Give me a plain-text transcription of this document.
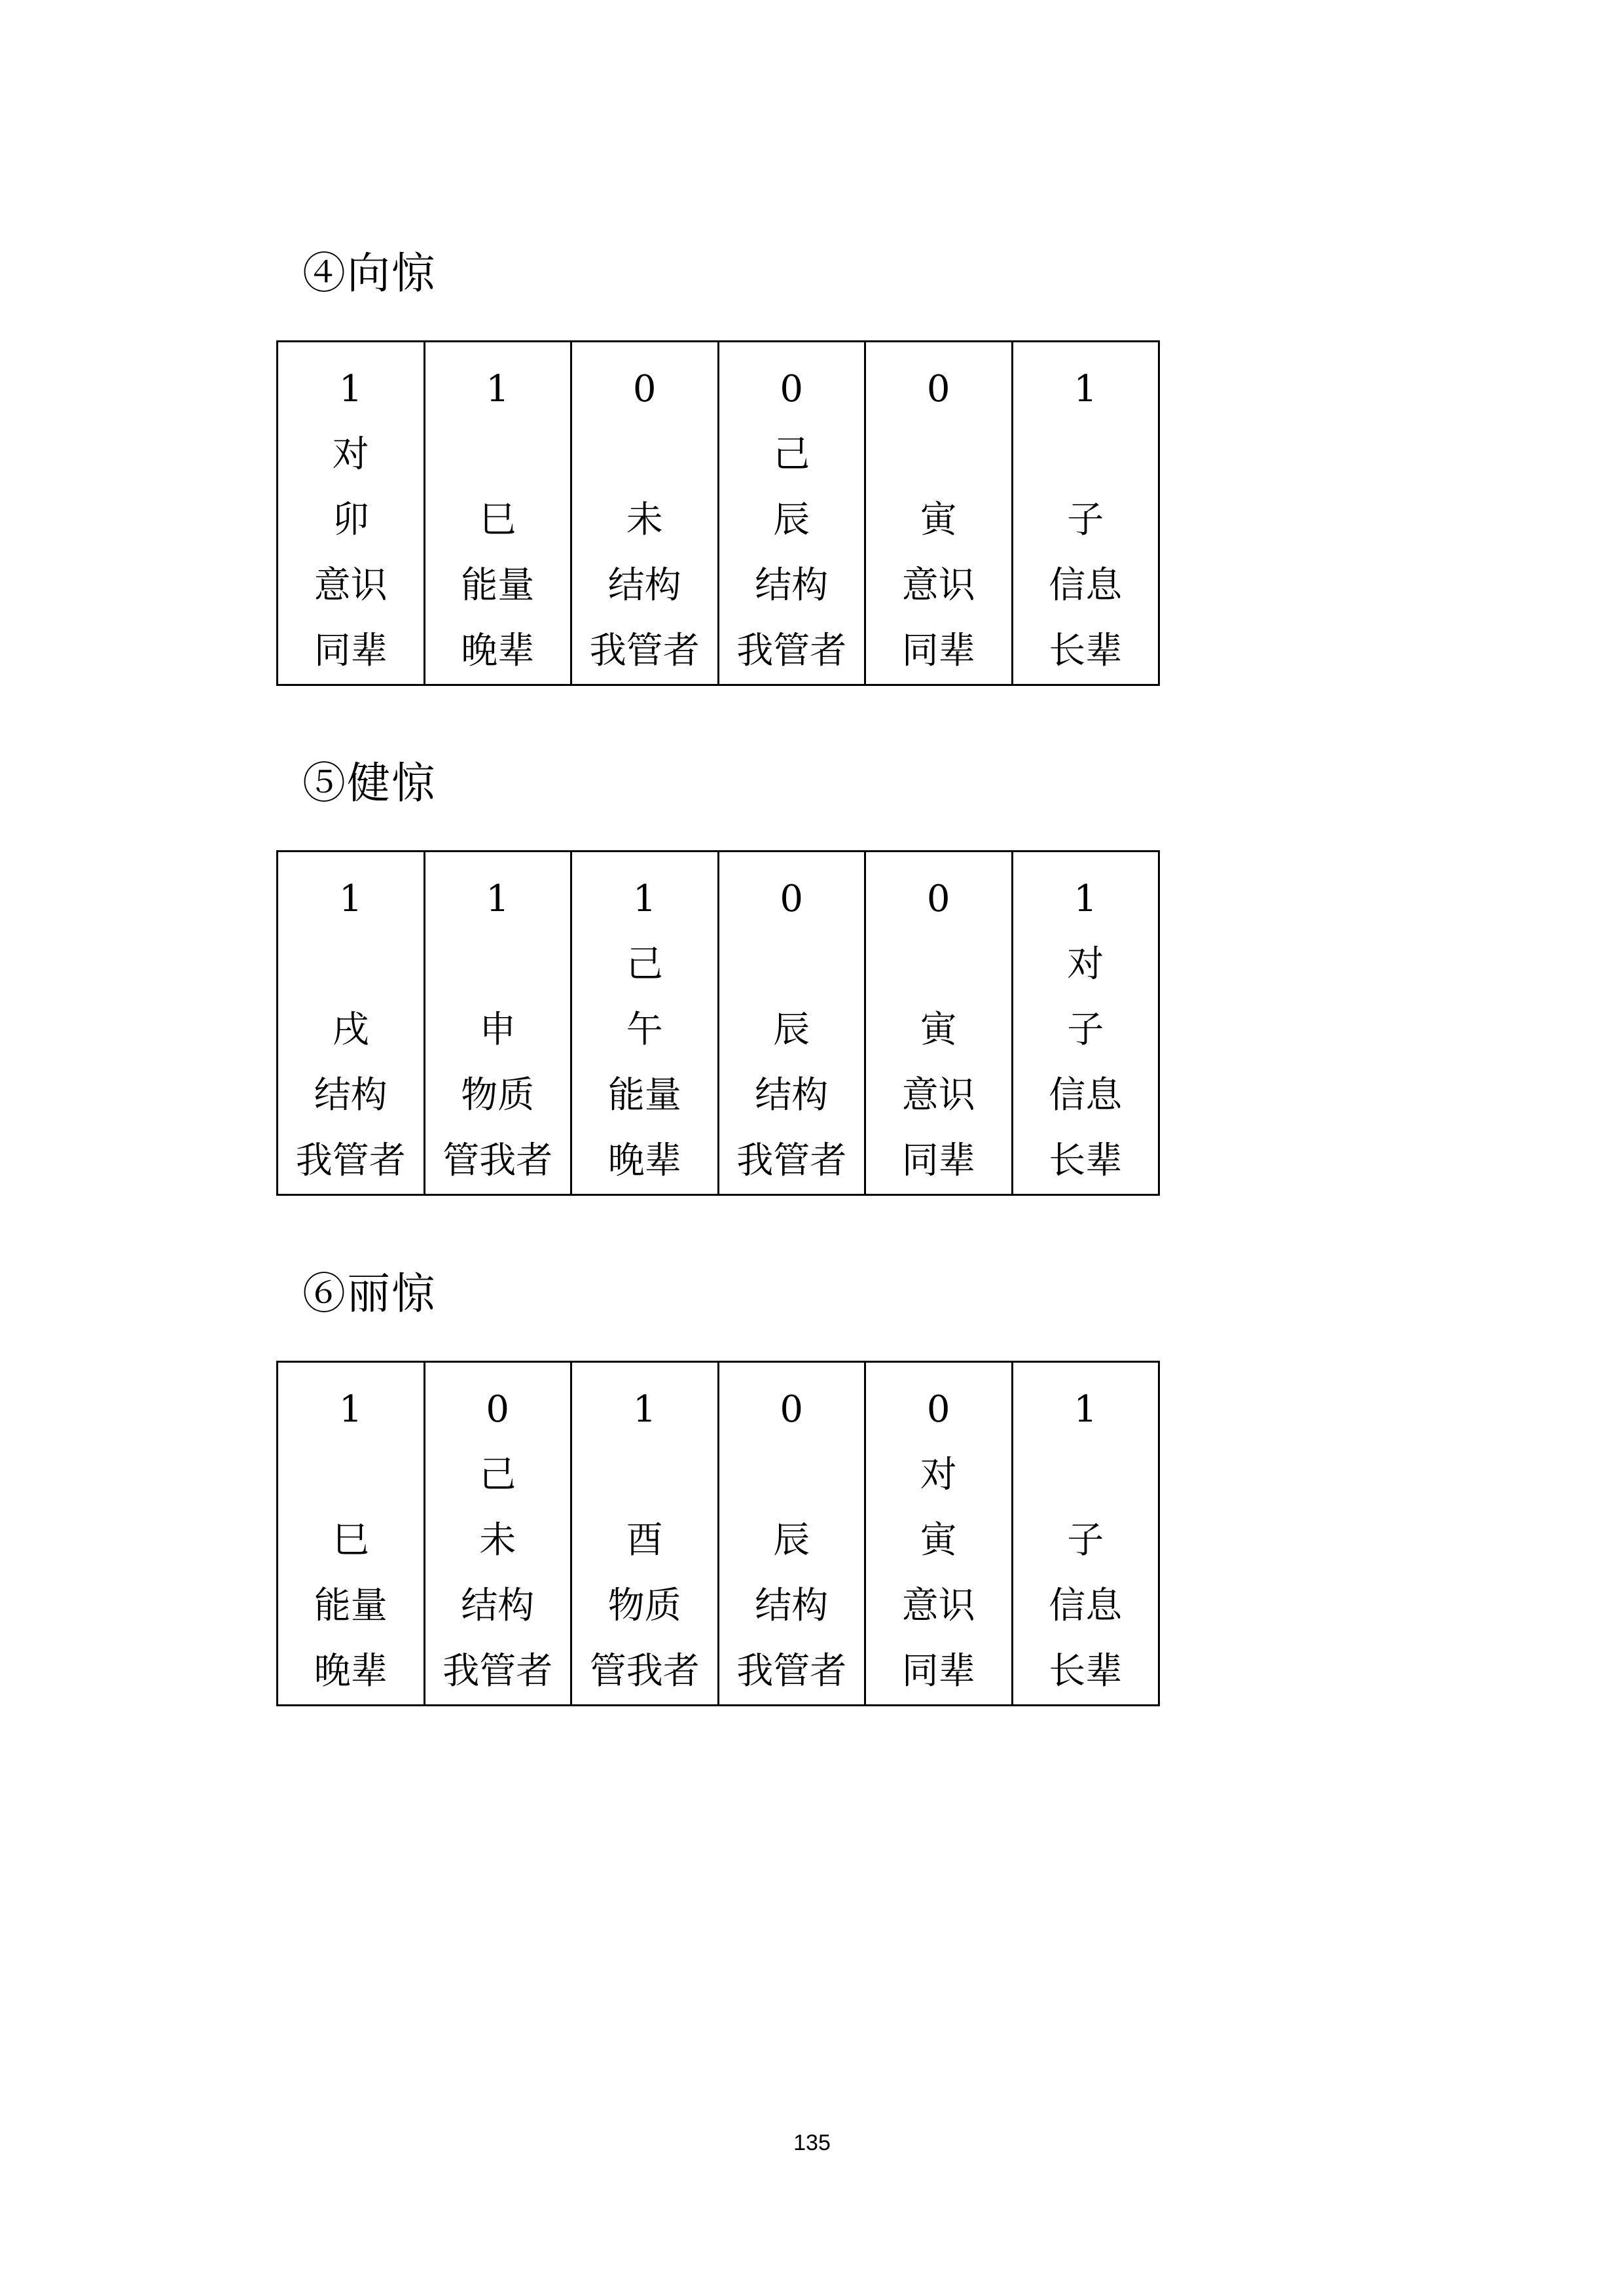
④向惊
1
对
卯
意识
同辈

1
巳
能量
晚辈

0
未
结构
我管者

0
己
辰
结构
我管者

0
寅
意识
同辈

1
子
信息
长辈
⑤健惊
1
戌
结构
我管者

1
申
物质
管我者

1
己
午
能量
晚辈

0
辰
结构
我管者

0
寅
意识
同辈

1
对
子
信息
长辈
⑥丽惊
1
巳
能量
晚辈

0
己
未
结构
我管者

1
酉
物质
管我者

0
辰
结构
我管者

0
对
寅
意识
同辈

1
子
信息
长辈
135
